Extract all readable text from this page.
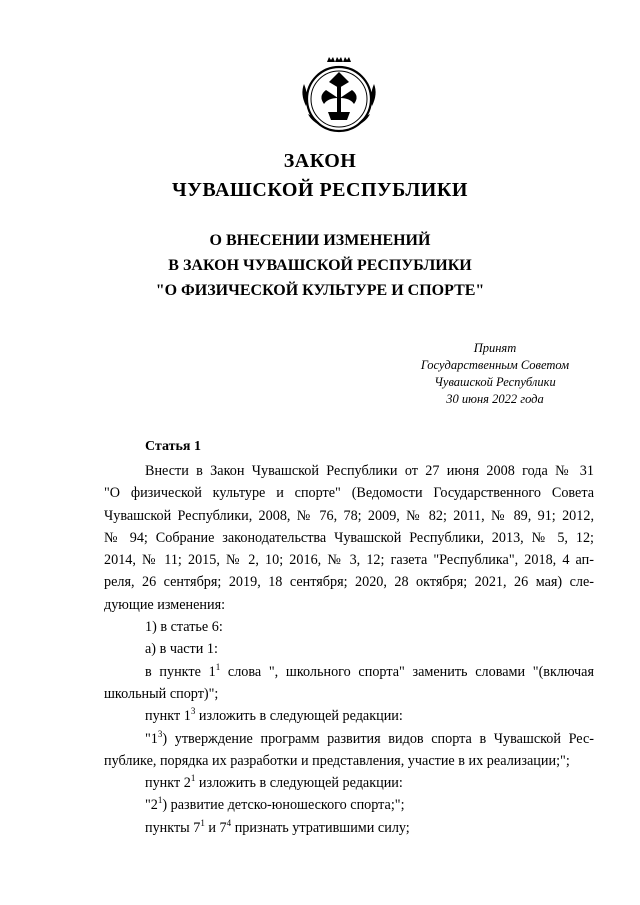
ЗАКОН
ЧУВАШСКОЙ РЕСПУБЛИКИ
О ВНЕСЕНИИ ИЗМЕНЕНИЙ
В ЗАКОН ЧУВАШСКОЙ РЕСПУБЛИКИ
"О ФИЗИЧЕСКОЙ КУЛЬТУРЕ И СПОРТЕ"
Принят
Государственным Советом
Чувашской Республики
30 июня 2022 года
Статья 1
Внести в Закон Чувашской Республики от 27 июня 2008 года № 31
"О физической культуре и спорте" (Ведомости Государственного Совета
Чувашской Республики, 2008, № 76, 78; 2009, № 82; 2011, № 89, 91; 2012,
№ 94; Собрание законодательства Чувашской Республики, 2013, № 5, 12;
2014, № 11; 2015, № 2, 10; 2016, № 3, 12; газета "Республика", 2018, 4 ап-
реля, 26 сентября; 2019, 18 сентября; 2020, 28 октября; 2021, 26 мая) сле-
дующие изменения:
1) в статье 6:
а) в части 1:
в пункте $1^1$ слова ", школьного спорта" заменить словами "(включая
школьный спорт)";
пункт $1^3$ изложить в следующей редакции:
"$1^3$) утверждение программ развития видов спорта в Чувашской Рес-
публике, порядка их разработки и представления, участие в их реализации;";
пункт $2^1$ изложить в следующей редакции:
"$2^1$) развитие детско-юношеского спорта;";
пункты $7^1$ и $7^4$ признать утратившими силу;
